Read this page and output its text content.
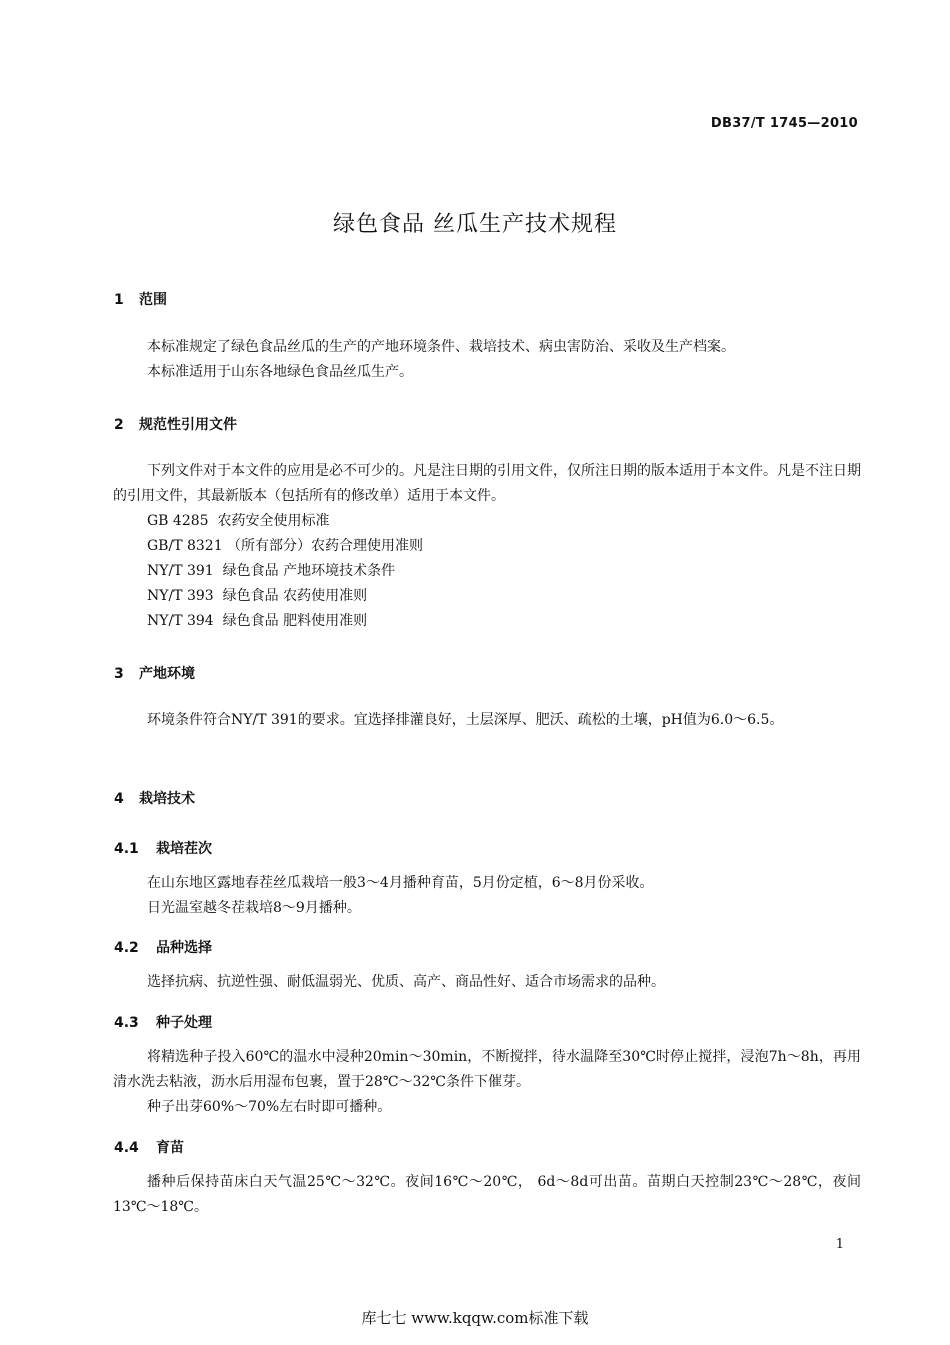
DB37/T 1745—2010
绿色食品 丝瓜生产技术规程
1 范围

本标准规定了绿色食品丝瓜的生产的产地环境条件、栽培技术、病虫害防治、采收及生产档案。

本标准适用于山东各地绿色食品丝瓜生产。

2 规范性引用文件

下列文件对于本文件的应用是必不可少的。凡是注日期的引用文件，仅所注日期的版本适用于本文件。凡是不注日期的引用文件，其最新版本（包括所有的修改单）适用于本文件。

GB 4285  农药安全使用标准
GB/T 8321 （所有部分）农药合理使用准则
NY/T 391  绿色食品 产地环境技术条件
NY/T 393  绿色食品 农药使用准则
NY/T 394  绿色食品 肥料使用准则
3 产地环境

环境条件符合NY/T 391的要求。宜选择排灌良好，土层深厚、肥沃、疏松的土壤，pH值为6.0～6.5。

4 栽培技术
4.1 栽培茬次

在山东地区露地春茬丝瓜栽培一般3～4月播种育苗，5月份定植，6～8月份采收。

日光温室越冬茬栽培8～9月播种。

4.2 品种选择

选择抗病、抗逆性强、耐低温弱光、优质、高产、商品性好、适合市场需求的品种。

4.3 种子处理

将精选种子投入60℃的温水中浸种20min～30min，不断搅拌，待水温降至30℃时停止搅拌，浸泡7h～8h，再用清水洗去粘液，沥水后用湿布包裹，置于28℃～32℃条件下催芽。

种子出芽60%～70%左右时即可播种。

4.4 育苗

播种后保持苗床白天气温25℃～32℃。夜间16℃～20℃， 6d～8d可出苗。苗期白天控制23℃～28℃，夜间13℃～18℃。

1
库七七 www.kqqw.com标准下载
